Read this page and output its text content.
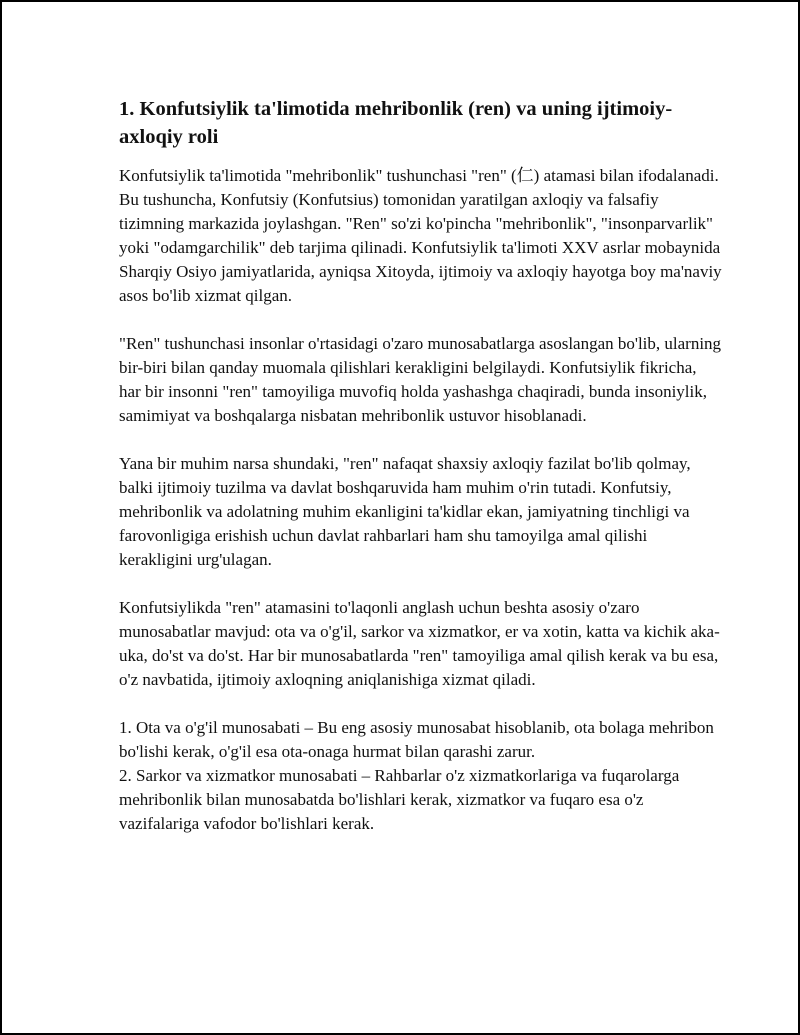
1. Konfutsiylik ta'limotida mehribonlik (ren) va uning ijtimoiy-axloqiy roli

Konfutsiylik ta'limotida "mehribonlik" tushunchasi "ren" (仁) atamasi bilan ifodalanadi. Bu tushuncha, Konfutsiy (Konfutsius) tomonidan yaratilgan axloqiy va falsafiy tizimning markazida joylashgan. "Ren" so'zi ko'pincha "mehribonlik", "insonparvarlik" yoki "odamgarchilik" deb tarjima qilinadi. Konfutsiylik ta'limoti XXV asrlar mobaynida Sharqiy Osiyo jamiyatlarida, ayniqsa Xitoyda, ijtimoiy va axloqiy hayotga boy ma'naviy asos bo'lib xizmat qilgan.

"Ren" tushunchasi insonlar o'rtasidagi o'zaro munosabatlarga asoslangan bo'lib, ularning bir-biri bilan qanday muomala qilishlari kerakligini belgilaydi. Konfutsiylik fikricha, har bir insonni "ren" tamoyiliga muvofiq holda yashashga chaqiradi, bunda insoniylik, samimiyat va boshqalarga nisbatan mehribonlik ustuvor hisoblanadi.

Yana bir muhim narsa shundaki, "ren" nafaqat shaxsiy axloqiy fazilat bo'lib qolmay, balki ijtimoiy tuzilma va davlat boshqaruvida ham muhim o'rin tutadi. Konfutsiy, mehribonlik va adolatning muhim ekanligini ta'kidlar ekan, jamiyatning tinchligi va farovonligiga erishish uchun davlat rahbarlari ham shu tamoyilga amal qilishi kerakligini urg'ulagan.

Konfutsiylikda "ren" atamasini to'laqonli anglash uchun beshta asosiy o'zaro munosabatlar mavjud: ota va o'g'il, sarkor va xizmatkor, er va xotin, katta va kichik aka-uka, do'st va do'st. Har bir munosabatlarda "ren" tamoyiliga amal qilish kerak va bu esa, o'z navbatida, ijtimoiy axloqning aniqlanishiga xizmat qiladi.

1. Ota va o'g'il munosabati – Bu eng asosiy munosabat hisoblanib, ota bolaga mehribon bo'lishi kerak, o'g'il esa ota-onaga hurmat bilan qarashi zarur.
2. Sarkor va xizmatkor munosabati – Rahbarlar o'z xizmatkorlariga va fuqarolarga mehribonlik bilan munosabatda bo'lishlari kerak, xizmatkor va fuqaro esa o'z vazifalariga vafodor bo'lishlari kerak.
